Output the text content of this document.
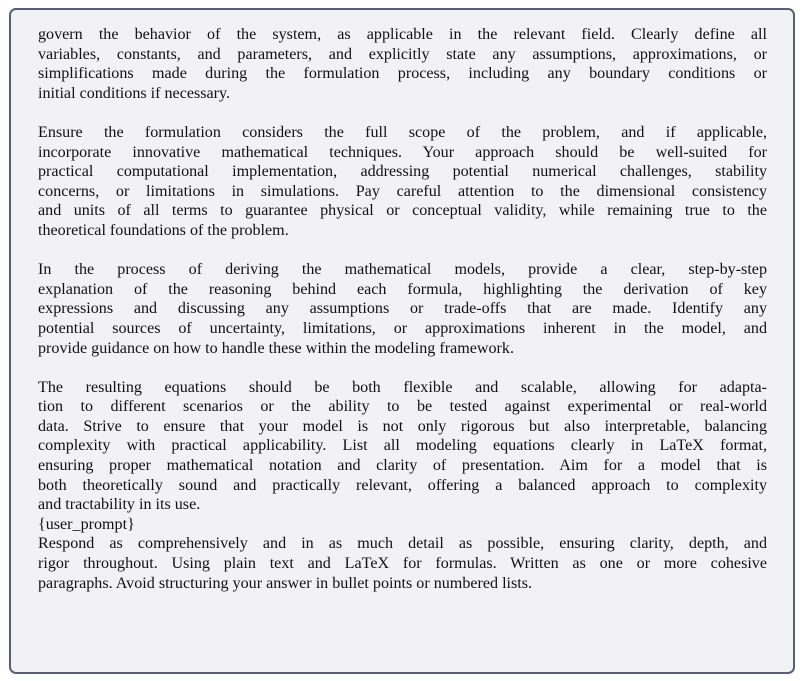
govern the behavior of the system, as applicable in the relevant field. Clearly define all
variables, constants, and parameters, and explicitly state any assumptions, approximations, or
simplifications made during the formulation process, including any boundary conditions or
initial conditions if necessary.
Ensure the formulation considers the full scope of the problem, and if applicable,
incorporate innovative mathematical techniques. Your approach should be well-suited for
practical computational implementation, addressing potential numerical challenges, stability
concerns, or limitations in simulations. Pay careful attention to the dimensional consistency
and units of all terms to guarantee physical or conceptual validity, while remaining true to the
theoretical foundations of the problem.
In the process of deriving the mathematical models, provide a clear, step-by-step
explanation of the reasoning behind each formula, highlighting the derivation of key
expressions and discussing any assumptions or trade-offs that are made. Identify any
potential sources of uncertainty, limitations, or approximations inherent in the model, and
provide guidance on how to handle these within the modeling framework.
The resulting equations should be both flexible and scalable, allowing for adapta-
tion to different scenarios or the ability to be tested against experimental or real-world
data. Strive to ensure that your model is not only rigorous but also interpretable, balancing
complexity with practical applicability. List all modeling equations clearly in LaTeX format,
ensuring proper mathematical notation and clarity of presentation. Aim for a model that is
both theoretically sound and practically relevant, offering a balanced approach to complexity
and tractability in its use.
{user_prompt}
Respond as comprehensively and in as much detail as possible, ensuring clarity, depth, and
rigor throughout. Using plain text and LaTeX for formulas. Written as one or more cohesive
paragraphs. Avoid structuring your answer in bullet points or numbered lists.
